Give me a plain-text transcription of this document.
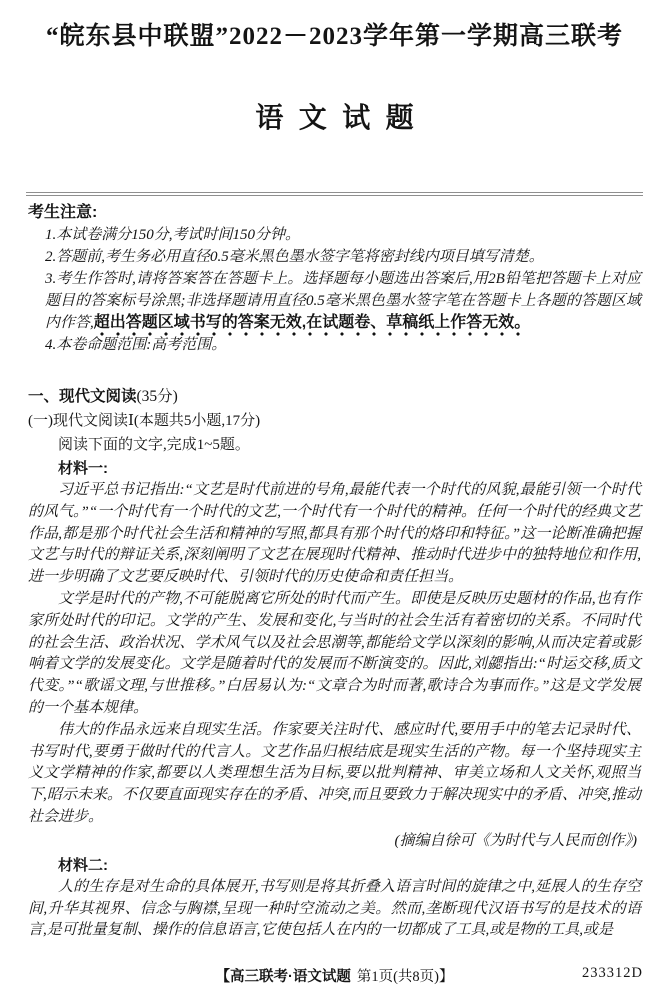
“皖东县中联盟”2022－2023学年第一学期高三联考
语文试题
考生注意:
1.本试卷满分150分,考试时间150分钟。
2.答题前,考生务必用直径0.5毫米黑色墨水签字笔将密封线内项目填写清楚。
3.考生作答时,请将答案答在答题卡上。选择题每小题选出答案后,用2B铅笔把答题卡上对应题目的答案标号涂黑;非选择题请用直径0.5毫米黑色墨水签字笔在答题卡上各题的答题区域内作答,超出答题区域书写的答案无效,在试题卷、草稿纸上作答无效。
4.本卷命题范围:高考范围。
一、现代文阅读(35分)
(一)现代文阅读Ⅰ(本题共5小题,17分)
阅读下面的文字,完成1~5题。
材料一:

习近平总书记指出:“文艺是时代前进的号角,最能代表一个时代的风貌,最能引领一个时代的风气。”“一个时代有一个时代的文艺,一个时代有一个时代的精神。任何一个时代的经典文艺作品,都是那个时代社会生活和精神的写照,都具有那个时代的烙印和特征。”这一论断准确把握文艺与时代的辩证关系,深刻阐明了文艺在展现时代精神、推动时代进步中的独特地位和作用,进一步明确了文艺要反映时代、引领时代的历史使命和责任担当。

文学是时代的产物,不可能脱离它所处的时代而产生。即使是反映历史题材的作品,也有作家所处时代的印记。文学的产生、发展和变化,与当时的社会生活有着密切的关系。不同时代的社会生活、政治状况、学术风气以及社会思潮等,都能给文学以深刻的影响,从而决定着或影响着文学的发展变化。文学是随着时代的发展而不断演变的。因此,刘勰指出:“时运交移,质文代变。”“歌谣文理,与世推移。”白居易认为:“文章合为时而著,歌诗合为事而作。”这是文学发展的一个基本规律。

伟大的作品永远来自现实生活。作家要关注时代、感应时代,要用手中的笔去记录时代、书写时代,要勇于做时代的代言人。文艺作品归根结底是现实生活的产物。每一个坚持现实主义文学精神的作家,都要以人类理想生活为目标,要以批判精神、审美立场和人文关怀,观照当下,昭示未来。不仅要直面现实存在的矛盾、冲突,而且要致力于解决现实中的矛盾、冲突,推动社会进步。

(摘编自徐可《为时代与人民而创作》)
材料二:

人的生存是对生命的具体展开,书写则是将其折叠入语言时间的旋律之中,延展人的生存空间,升华其视界、信念与胸襟,呈现一种时空流动之美。然而,垄断现代汉语书写的是技术的语言,是可批量复制、操作的信息语言,它使包括人在内的一切都成了工具,或是物的工具,或是

【高三联考·语文试题 第1页(共8页)】	233312D
